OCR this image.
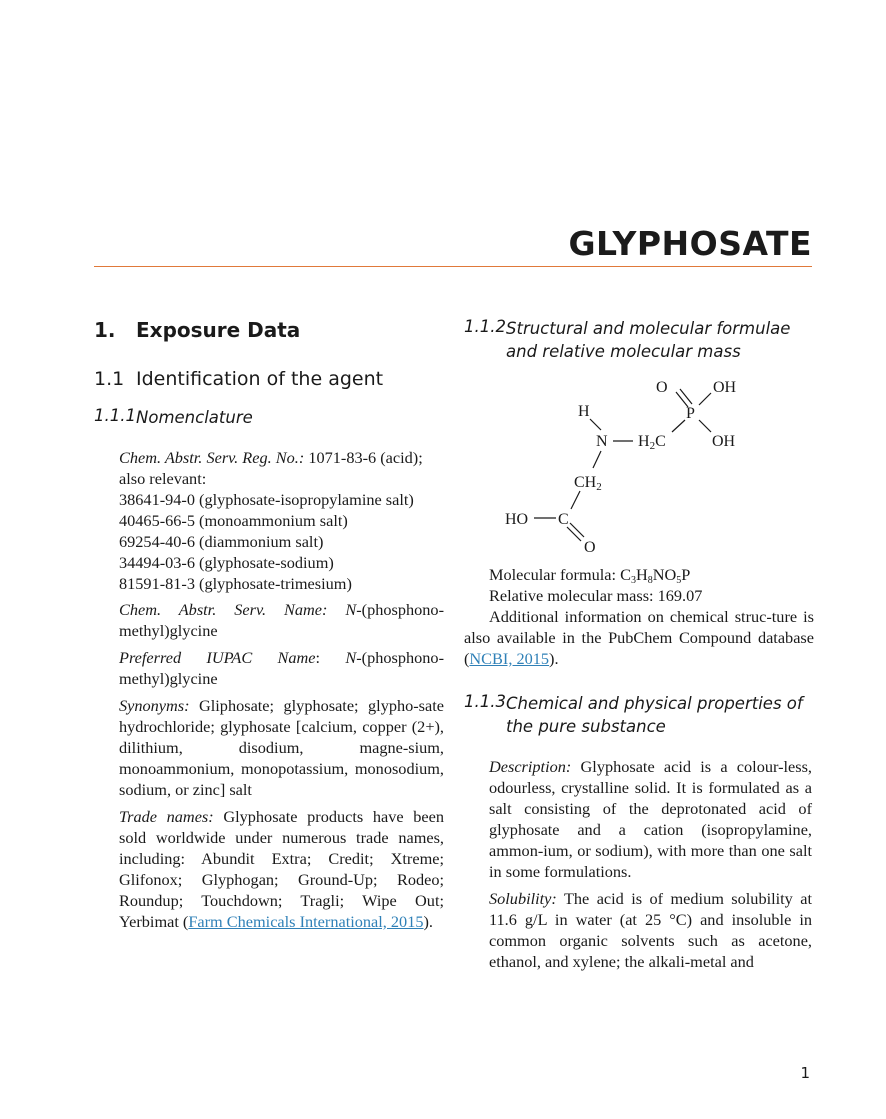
GLYPHOSATE
1. Exposure Data
1.1 Identification of the agent
1.1.1Nomenclature

Chem. Abstr. Serv. Reg. No.: 1071-83-6 (acid);
also relevant:
38641-94-0 (glyphosate-isopropylamine salt)
40465-66-5 (monoammonium salt)
69254-40-6 (diammonium salt)
34494-03-6 (glyphosate-sodium)
81591-81-3 (glyphosate-trimesium)

Chem. Abstr. Serv. Name: N-(phosphono-methyl)glycine

Preferred IUPAC Name: N-(phosphono-methyl)glycine

Synonyms: Gliphosate; glyphosate; glypho-sate hydrochloride; glyphosate [calcium, copper (2+), dilithium, disodium, magne-sium, monoammonium, monopotassium, monosodium, sodium, or zinc] salt

Trade names: Glyphosate products have been sold worldwide under numerous trade names, including: Abundit Extra; Credit; Xtreme; Glifonox; Glyphogan; Ground-Up; Rodeo; Roundup; Touchdown; Tragli; Wipe Out; Yerbimat (Farm Chemicals International, 2015).

1.1.2Structural and molecular formulae and relative molecular mass

Molecular formula: $C_3H_8NO_5P$

Relative molecular mass: 169.07

Additional information on chemical struc-ture is also available in the PubChem Compound database (NCBI, 2015).

1.1.3Chemical and physical properties of the pure substance

Description: Glyphosate acid is a colour-less, odourless, crystalline solid. It is formulated as a salt consisting of the deprotonated acid of glyphosate and a cation (isopropylamine, ammon-ium, or sodium), with more than one salt in some formulations.

Solubility: The acid is of medium solubility at 11.6 g/L in water (at 25 °C) and insoluble in common organic solvents such as acetone, ethanol, and xylene; the alkali-metal and

O	OH
H	P
N H2C	OH
CH2
HO C
O
1
